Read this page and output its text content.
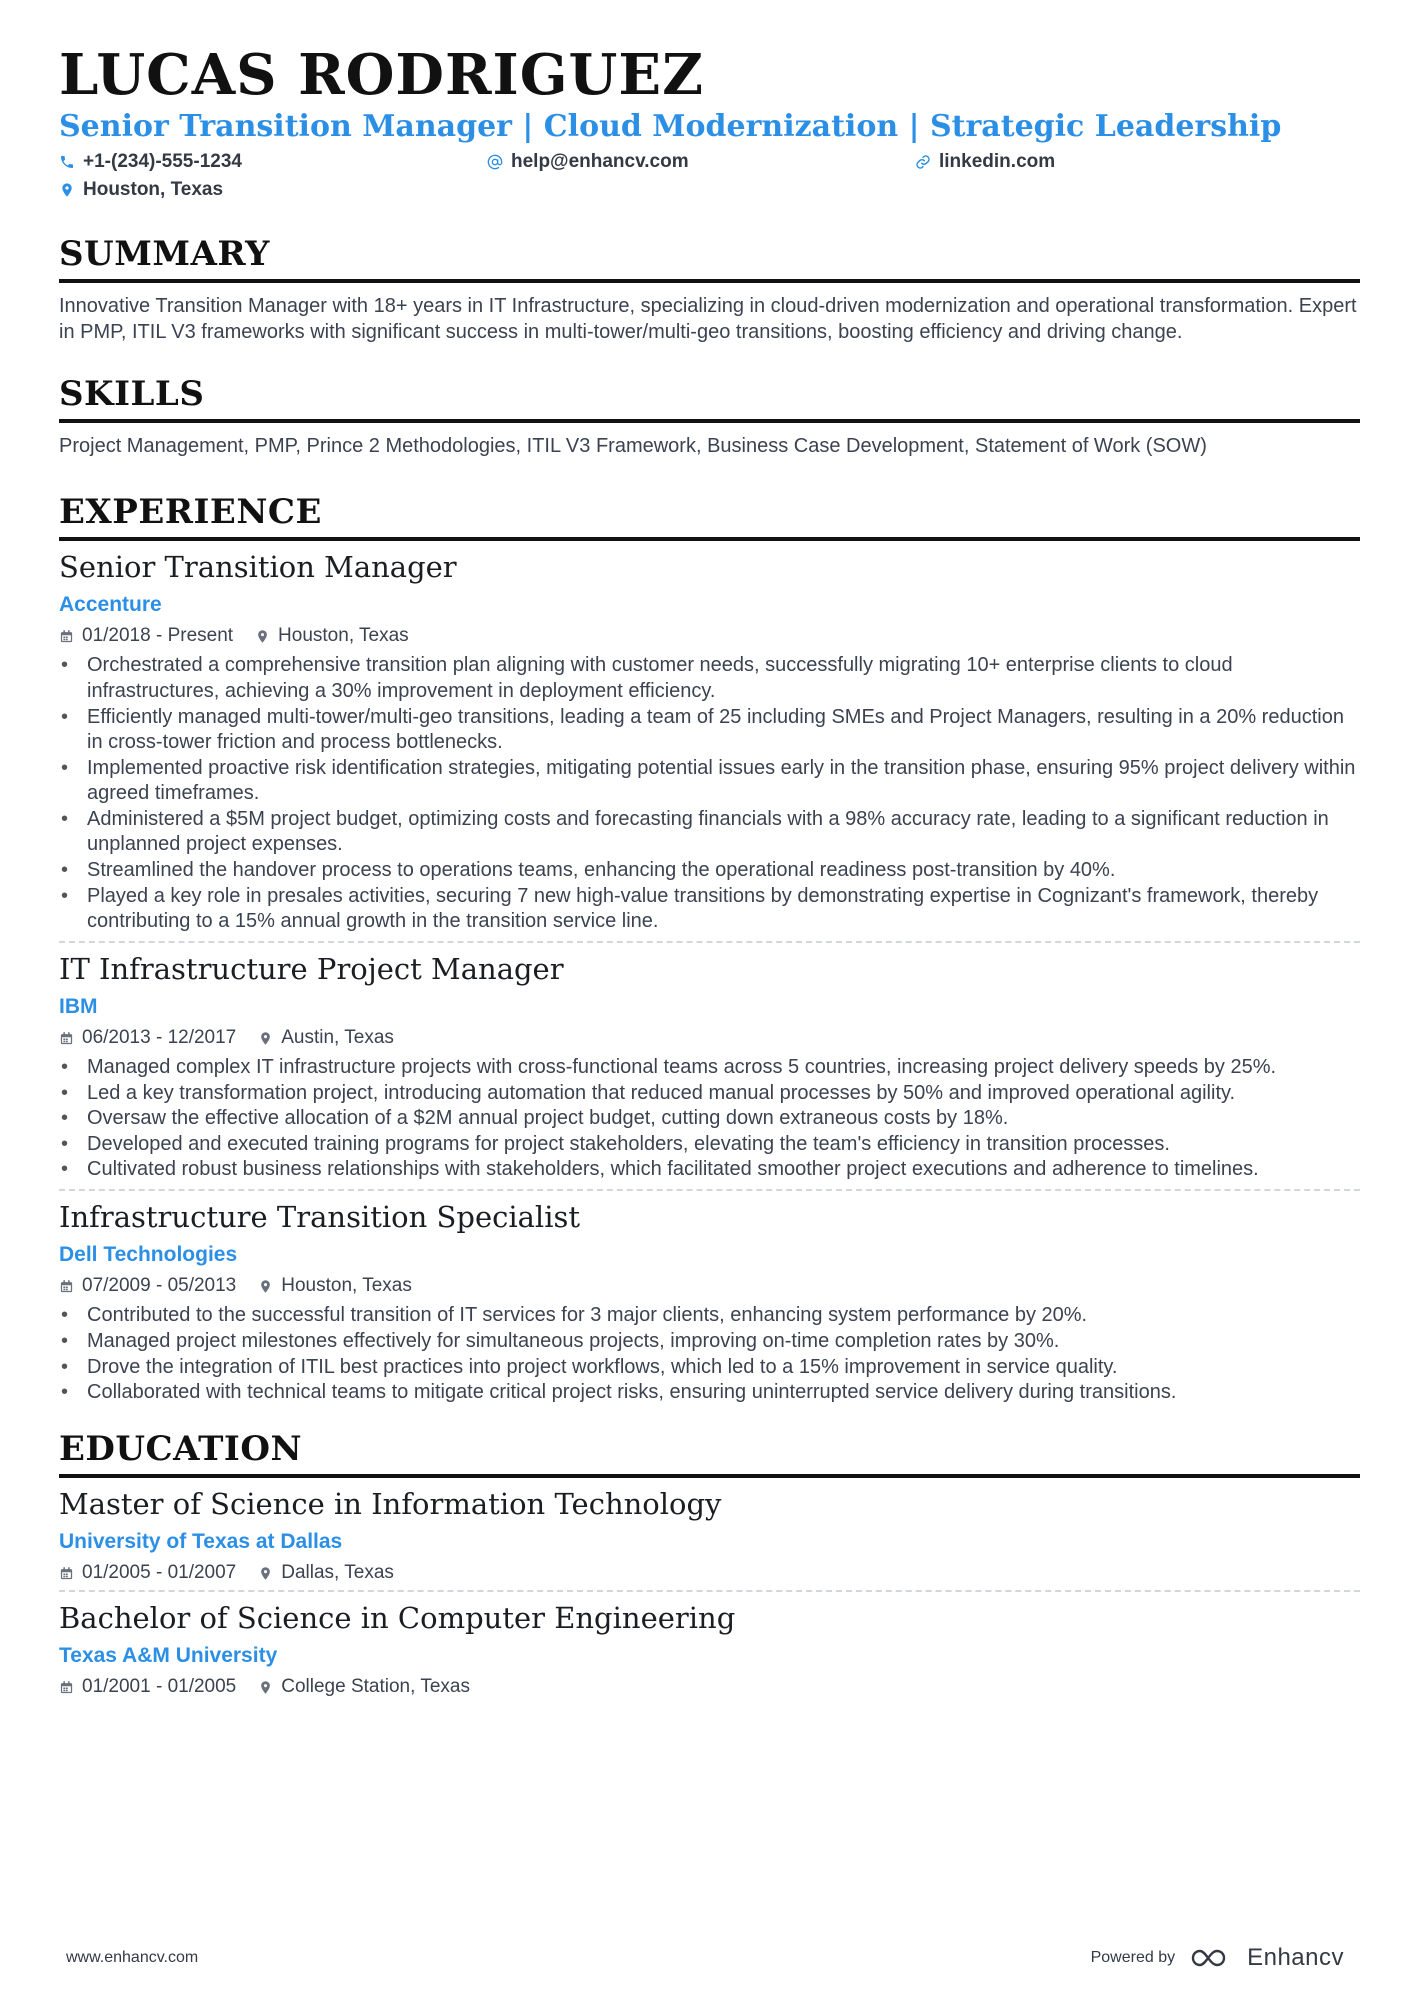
LUCAS RODRIGUEZ
Senior Transition Manager | Cloud Modernization | Strategic Leadership
+1-(234)-555-1234	help@enhancv.com	linkedin.com
Houston, Texas
SUMMARY
Innovative Transition Manager with 18+ years in IT Infrastructure, specializing in cloud-driven modernization and operational transformation. Expert in PMP, ITIL V3 frameworks with significant success in multi-tower/multi-geo transitions, boosting efficiency and driving change.
SKILLS
Project Management, PMP, Prince 2 Methodologies, ITIL V3 Framework, Business Case Development, Statement of Work (SOW)
EXPERIENCE
Senior Transition Manager
Accenture
01/2018 - Present Houston, Texas
• Orchestrated a comprehensive transition plan aligning with customer needs, successfully migrating 10+ enterprise clients to cloud infrastructures, achieving a 30% improvement in deployment efficiency.
• Efficiently managed multi-tower/multi-geo transitions, leading a team of 25 including SMEs and Project Managers, resulting in a 20% reduction in cross-tower friction and process bottlenecks.
• Implemented proactive risk identification strategies, mitigating potential issues early in the transition phase, ensuring 95% project delivery within agreed timeframes.
• Administered a $5M project budget, optimizing costs and forecasting financials with a 98% accuracy rate, leading to a significant reduction in unplanned project expenses.
• Streamlined the handover process to operations teams, enhancing the operational readiness post-transition by 40%.
• Played a key role in presales activities, securing 7 new high-value transitions by demonstrating expertise in Cognizant's framework, thereby contributing to a 15% annual growth in the transition service line.
IT Infrastructure Project Manager
IBM
06/2013 - 12/2017 Austin, Texas
• Managed complex IT infrastructure projects with cross-functional teams across 5 countries, increasing project delivery speeds by 25%.
• Led a key transformation project, introducing automation that reduced manual processes by 50% and improved operational agility.
• Oversaw the effective allocation of a $2M annual project budget, cutting down extraneous costs by 18%.
• Developed and executed training programs for project stakeholders, elevating the team's efficiency in transition processes.
• Cultivated robust business relationships with stakeholders, which facilitated smoother project executions and adherence to timelines.
Infrastructure Transition Specialist
Dell Technologies
07/2009 - 05/2013 Houston, Texas
• Contributed to the successful transition of IT services for 3 major clients, enhancing system performance by 20%.
• Managed project milestones effectively for simultaneous projects, improving on-time completion rates by 30%.
• Drove the integration of ITIL best practices into project workflows, which led to a 15% improvement in service quality.
• Collaborated with technical teams to mitigate critical project risks, ensuring uninterrupted service delivery during transitions.
EDUCATION
Master of Science in Information Technology
University of Texas at Dallas
01/2005 - 01/2007 Dallas, Texas
Bachelor of Science in Computer Engineering
Texas A&M University
01/2001 - 01/2005 College Station, Texas
www.enhancv.com	Powered by	Enhancv
